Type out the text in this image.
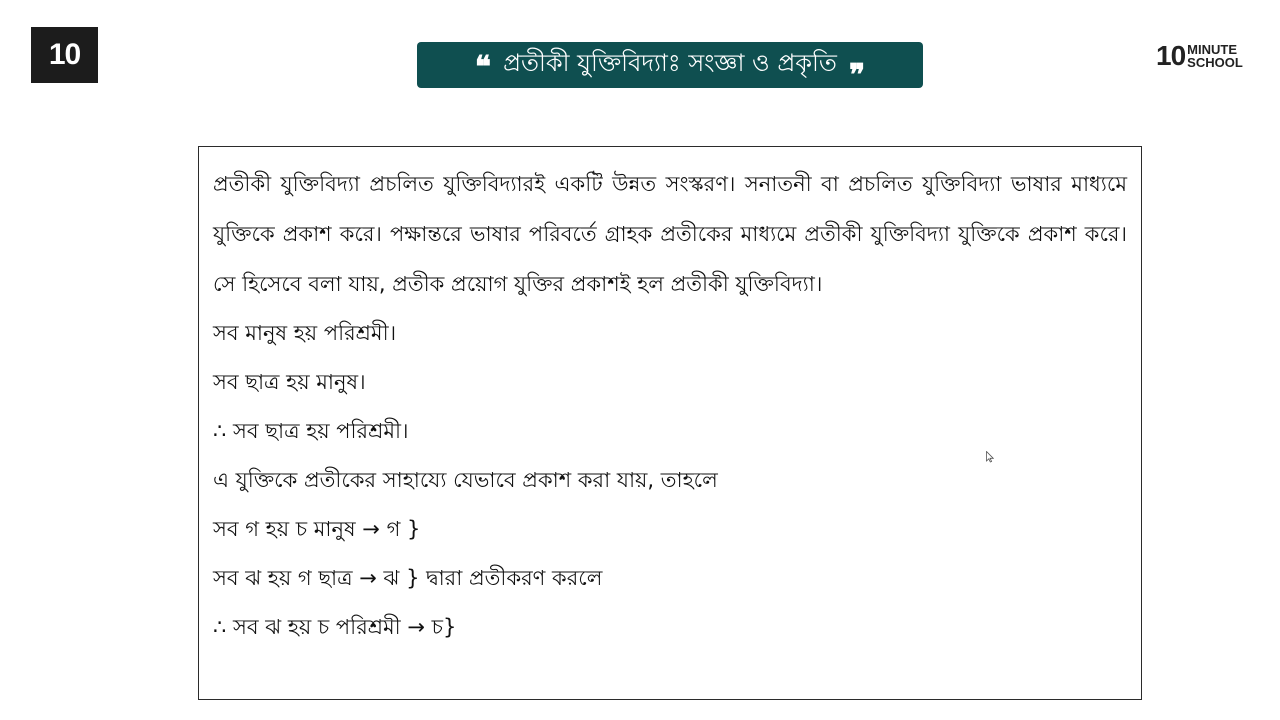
10	❝ প্রতীকী যুক্তিবিদ্যাঃ সংজ্ঞা ও প্রকৃতি ❞
10 MINUTE
SCHOOL

প্রতীকী যুক্তিবিদ্যা প্রচলিত যুক্তিবিদ্যারই একটি উন্নত সংস্করণ। সনাতনী বা প্রচলিত যুক্তিবিদ্যা ভাষার মাধ্যমে যুক্তিকে প্রকাশ করে। পক্ষান্তরে ভাষার পরিবর্তে গ্রাহক প্রতীকের মাধ্যমে প্রতীকী যুক্তিবিদ্যা যুক্তিকে প্রকাশ করে। সে হিসেবে বলা যায়, প্রতীক প্রয়োগ যুক্তির প্রকাশই হল প্রতীকী যুক্তিবিদ্যা।

সব মানুষ হয় পরিশ্রমী।

সব ছাত্র হয় মানুষ।

∴ সব ছাত্র হয় পরিশ্রমী।

এ যুক্তিকে প্রতীকের সাহায্যে যেভাবে প্রকাশ করা যায়, তাহলে

সব গ হয় চ মানুষ → গ }

সব ঝ হয় গ ছাত্র → ঝ } দ্বারা প্রতীকরণ করলে

∴ সব ঝ হয় চ পরিশ্রমী → চ}
